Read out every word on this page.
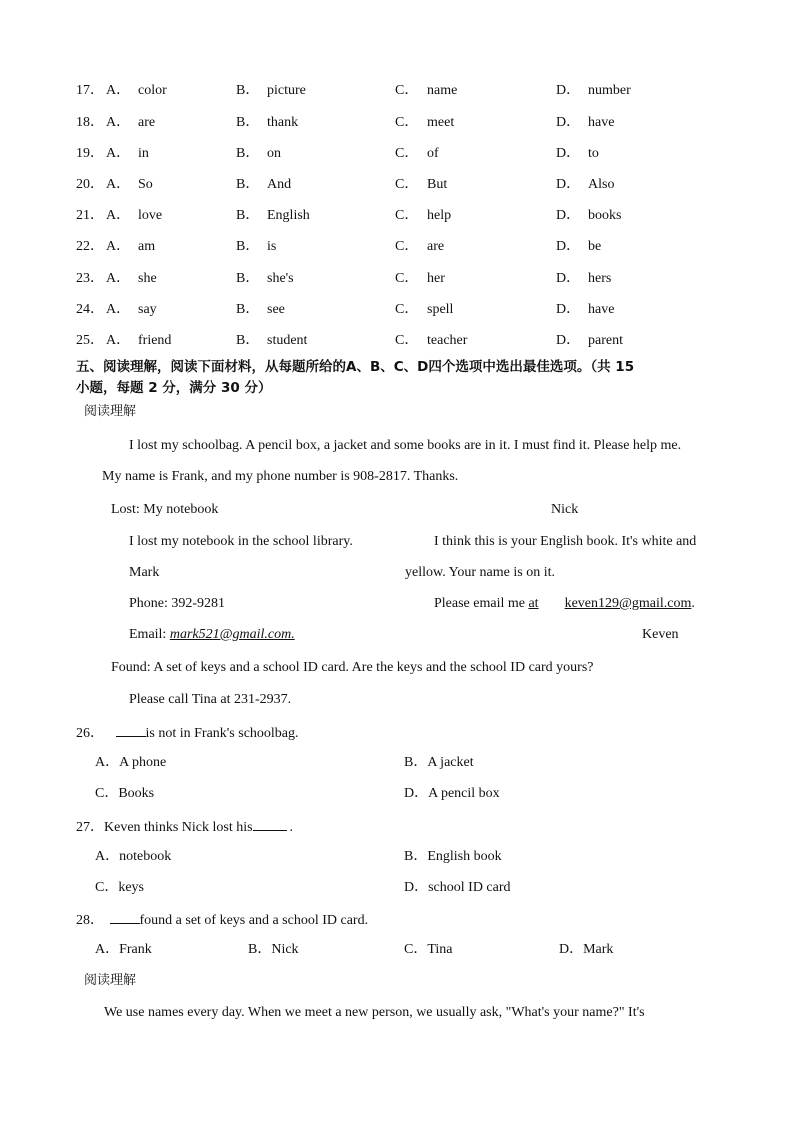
17． A． color	B． picture	C． name	D． number
18． A． are	B． thank	C． meet	D． have
19． A． in	B． on	C． of	D． to
20． A． So	B． And	C． But	D． Also
21． A． love	B． English	C． help	D． books
22． A． am	B． is	C． are	D． be
23． A． she	B． she's	C． her	D． hers
24． A． say	B． see	C． spell	D． have
25． A． friend	B． student	C． teacher	D． parent
五、阅读理解，阅读下面材料，从每题所给的A、B、C、D四个选项中选出最佳选项。（共 15
小题，每题 2 分，满分 30 分）
阅读理解
I lost my schoolbag. A pencil box, a jacket and some books are in it. I must find it. Please help me.
My name is Frank, and my phone number is 908-2817. Thanks.
Lost: My notebook	Nick
I lost my notebook in the school library.	I think this is your English book. It's white and
Mark	yellow. Your name is on it.
Phone: 392-9281	Please email me at keven129@gmail.com.
Email: mark521@gmail.com.	Keven
Found: A set of keys and a school ID card. Are the keys and the school ID card yours?
Please call Tina at 231-2937.
26．	is not in Frank's schoolbag.
A．A phone	B．A jacket
C．Books	D．A pencil box
27．Keven thinks Nick lost his	.
A．notebook	B．English book
C．keys	D．school ID card
28．	found a set of keys and a school ID card.
A．Frank	B．Nick	C．Tina	D．Mark
阅读理解
We use names every day. When we meet a new person, we usually ask, "What's your name?" It's
